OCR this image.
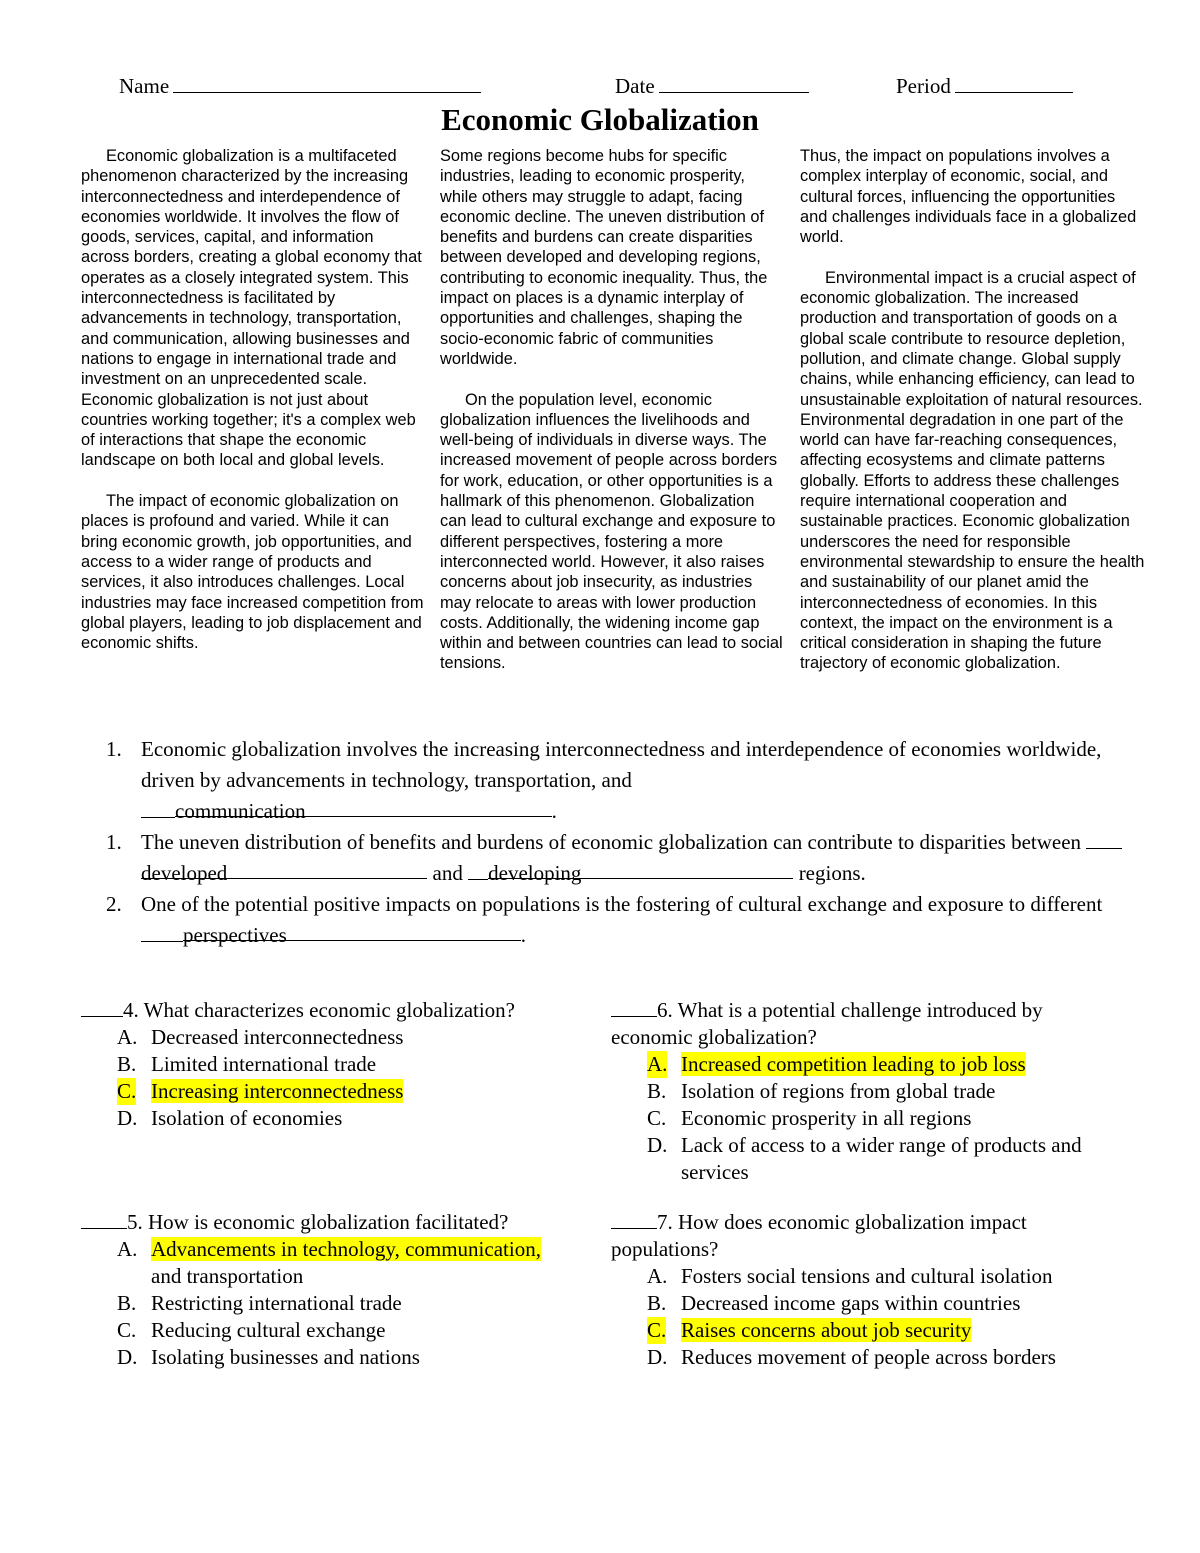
Name	Date	Period
Economic Globalization

Economic globalization is a multifaceted phenomenon characterized by the increasing interconnectedness and interdependence of economies worldwide. It involves the flow of goods, services, capital, and information across borders, creating a global economy that operates as a closely integrated system. This interconnectedness is facilitated by advancements in technology, transportation, and communication, allowing businesses and nations to engage in international trade and investment on an unprecedented scale. Economic globalization is not just about countries working together; it's a complex web of interactions that shape the economic landscape on both local and global levels.

The impact of economic globalization on places is profound and varied. While it can bring economic growth, job opportunities, and access to a wider range of products and services, it also introduces challenges. Local industries may face increased competition from global players, leading to job displacement and economic shifts.

Some regions become hubs for specific industries, leading to economic prosperity, while others may struggle to adapt, facing economic decline. The uneven distribution of benefits and burdens can create disparities between developed and developing regions, contributing to economic inequality. Thus, the impact on places is a dynamic interplay of opportunities and challenges, shaping the socio-economic fabric of communities worldwide.

On the population level, economic globalization influences the livelihoods and well-being of individuals in diverse ways. The increased movement of people across borders for work, education, or other opportunities is a hallmark of this phenomenon. Globalization can lead to cultural exchange and exposure to different perspectives, fostering a more interconnected world. However, it also raises concerns about job insecurity, as industries may relocate to areas with lower production costs. Additionally, the widening income gap within and between countries can lead to social tensions.

Thus, the impact on populations involves a complex interplay of economic, social, and cultural forces, influencing the opportunities and challenges individuals face in a globalized world.

Environmental impact is a crucial aspect of economic globalization. The increased production and transportation of goods on a global scale contribute to resource depletion, pollution, and climate change. Global supply chains, while enhancing efficiency, can lead to unsustainable exploitation of natural resources. Environmental degradation in one part of the world can have far-reaching consequences, affecting ecosystems and climate patterns globally. Efforts to address these challenges require international cooperation and sustainable practices. Economic globalization underscores the need for responsible environmental stewardship to ensure the health and sustainability of our planet amid the interconnectedness of economies. In this context, the impact on the environment is a critical consideration in shaping the future trajectory of economic globalization.

1. Economic globalization involves the increasing interconnectedness and interdependence of economies worldwide, driven by advancements in technology, transportation, and
communication	.
1. The uneven distribution of benefits and burdens of economic globalization can contribute to disparities between developed	and developing	regions.
2. One of the potential positive impacts on populations is the fostering of cultural exchange and exposure to different perspectives	.
4. What characterizes economic globalization?
A. Decreased interconnectedness
B. Limited international trade
C. Increasing interconnectedness
D. Isolation of economies
5. How is economic globalization facilitated?
A. Advancements in technology, communication,
and transportation
B. Restricting international trade
C. Reducing cultural exchange
D. Isolating businesses and nations
6. What is a potential challenge introduced by
economic globalization?
A. Increased competition leading to job loss
B. Isolation of regions from global trade
C. Economic prosperity in all regions
D. Lack of access to a wider range of products and services
7. How does economic globalization impact
populations?
A. Fosters social tensions and cultural isolation
B. Decreased income gaps within countries
C. Raises concerns about job security
D. Reduces movement of people across borders
